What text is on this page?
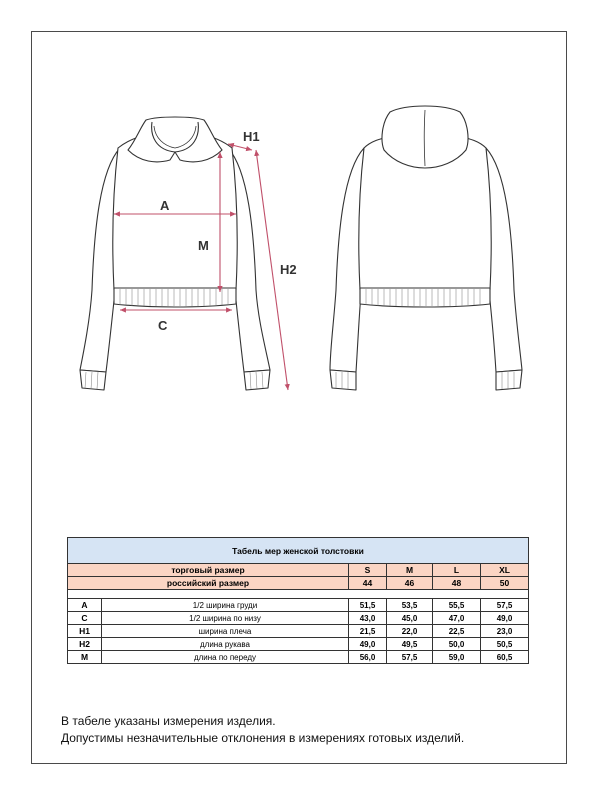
A
C
M
H1
H2
Табель мер женской толстовки					
торговый размер		S	M	L	XL
российский размер		44	46	48	50

A	1/2 ширина груди	51,5	53,5	55,5	57,5
C	1/2 ширина по низу	43,0	45,0	47,0	49,0
H1	ширина плеча	21,5	22,0	22,5	23,0
H2	длина рукава	49,0	49,5	50,0	50,5
M	длина по переду	56,0	57,5	59,0	60,5
В табеле указаны измерения изделия.
Допустимы незначительные отклонения в измерениях готовых изделий.
